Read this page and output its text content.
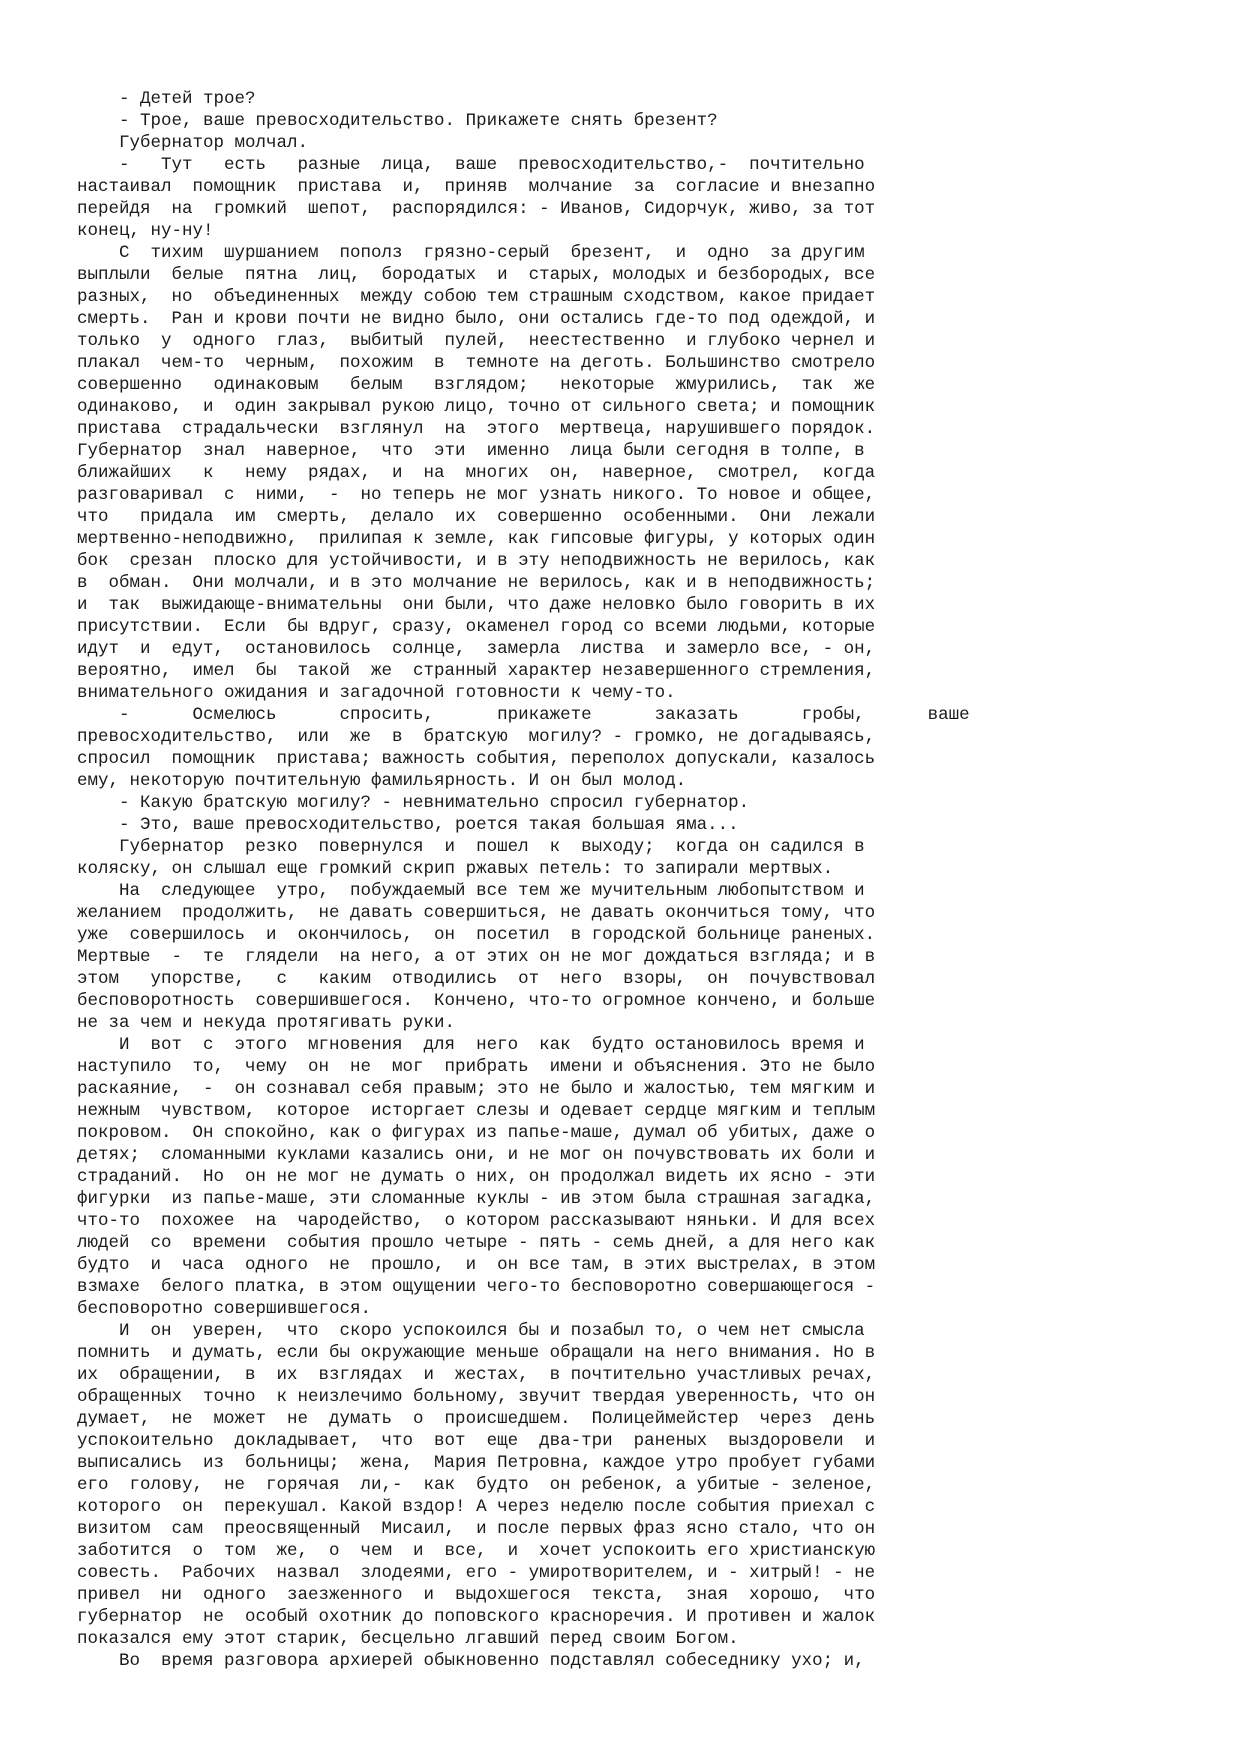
- Детей трое?
- Трое, ваше превосходительство. Прикажете снять брезент?
Губернатор молчал.
-   Тут   есть   разные  лица,  ваше  превосходительство,-  почтительно
настаивал  помощник  пристава  и,  приняв  молчание  за  согласие и внезапно
перейдя  на  громкий  шепот,  распорядился: - Иванов, Сидорчук, живо, за тот
конец, ну-ну!
С  тихим  шуршанием  пополз  грязно-серый  брезент,  и  одно  за другим
выплыли  белые  пятна  лиц,  бородатых  и  старых, молодых и безбородых, все
разных,  но  объединенных  между собою тем страшным сходством, какое придает
смерть.  Ран и крови почти не видно было, они остались где-то под одеждой, и
только  у  одного  глаз,  выбитый  пулей,  неестественно  и глубоко чернел и
плакал  чем-то  черным,  похожим  в  темноте на деготь. Большинство смотрело
совершенно   одинаковым   белым   взглядом;   некоторые  жмурились,  так  же
одинаково,  и  один закрывал рукою лицо, точно от сильного света; и помощник
пристава  страдальчески  взглянул  на  этого  мертвеца, нарушившего порядок.
Губернатор  знал  наверное,  что  эти  именно  лица были сегодня в толпе, в
ближайших   к   нему  рядах,  и  на  многих  он,  наверное,  смотрел,  когда
разговаривал  с  ними,  -  но теперь не мог узнать никого. То новое и общее,
что   придала  им  смерть,  делало  их  совершенно  особенными.  Они  лежали
мертвенно-неподвижно,  прилипая к земле, как гипсовые фигуры, у которых один
бок  срезан  плоско для устойчивости, и в эту неподвижность не верилось, как
в  обман.  Они молчали, и в это молчание не верилось, как и в неподвижность;
и  так  выжидающе-внимательны  они были, что даже неловко было говорить в их
присутствии.  Если  бы вдруг, сразу, окаменел город со всеми людьми, которые
идут  и  едут,  остановилось  солнце,  замерла  листва  и замерло все, - он,
вероятно,  имел  бы  такой  же  странный характер незавершенного стремления,
внимательного ожидания и загадочной готовности к чему-то.
-      Осмелюсь      спросить,      прикажете      заказать      гробы,      ваше
превосходительство,  или  же  в  братскую  могилу? - громко, не догадываясь,
спросил  помощник  пристава; важность события, переполох допускали, казалось
ему, некоторую почтительную фамильярность. И он был молод.
- Какую братскую могилу? - невнимательно спросил губернатор.
- Это, ваше превосходительство, роется такая большая яма...
Губернатор  резко  повернулся  и  пошел  к  выходу;  когда он садился в
коляску, он слышал еще громкий скрип ржавых петель: то запирали мертвых.
На  следующее  утро,  побуждаемый все тем же мучительным любопытством и
желанием  продолжить,  не давать совершиться, не давать окончиться тому, что
уже  совершилось  и  окончилось,  он  посетил  в городской больнице раненых.
Мертвые  -  те  глядели  на него, а от этих он не мог дождаться взгляда; и в
этом   упорстве,   с   каким  отводились  от  него  взоры,  он  почувствовал
бесповоротность  совершившегося.  Кончено, что-то огромное кончено, и больше
не за чем и некуда протягивать руки.
И  вот  с  этого  мгновения  для  него  как  будто остановилось время и
наступило  то,  чему  он  не  мог  прибрать  имени и объяснения. Это не было
раскаяние,  -  он сознавал себя правым; это не было и жалостью, тем мягким и
нежным  чувством,  которое  исторгает слезы и одевает сердце мягким и теплым
покровом.  Он спокойно, как о фигурах из папье-маше, думал об убитых, даже о
детях;  сломанными куклами казались они, и не мог он почувствовать их боли и
страданий.  Но  он не мог не думать о них, он продолжал видеть их ясно - эти
фигурки  из папье-маше, эти сломанные куклы - ив этом была страшная загадка,
что-то  похожее  на  чародейство,  о котором рассказывают няньки. И для всех
людей  со  времени  события прошло четыре - пять - семь дней, а для него как
будто  и  часа  одного  не  прошло,  и  он все там, в этих выстрелах, в этом
взмахе  белого платка, в этом ощущении чего-то бесповоротно совершающегося -
бесповоротно совершившегося.
И  он  уверен,  что  скоро успокоился бы и позабыл то, о чем нет смысла
помнить  и думать, если бы окружающие меньше обращали на него внимания. Но в
их  обращении,  в  их  взглядах  и  жестах,  в почтительно участливых речах,
обращенных  точно  к неизлечимо больному, звучит твердая уверенность, что он
думает,  не  может  не  думать  о  происшедшем.  Полицеймейстер  через  день
успокоительно  докладывает,  что  вот  еще  два-три  раненых  выздоровели  и
выписались  из  больницы;  жена,  Мария Петровна, каждое утро пробует губами
его  голову,  не  горячая  ли,-  как  будто  он ребенок, а убитые - зеленое,
которого  он  перекушал. Какой вздор! А через неделю после события приехал с
визитом  сам  преосвященный  Мисаил,  и после первых фраз ясно стало, что он
заботится  о  том  же,  о  чем  и  все,  и  хочет успокоить его христианскую
совесть.  Рабочих  назвал  злодеями, его - умиротворителем, и - хитрый! - не
привел  ни  одного  заезженного  и  выдохшегося  текста,  зная  хорошо,  что
губернатор  не  особый охотник до поповского красноречия. И противен и жалок
показался ему этот старик, бесцельно лгавший перед своим Богом.
Во  время разговора архиерей обыкновенно подставлял собеседнику ухо; и,
